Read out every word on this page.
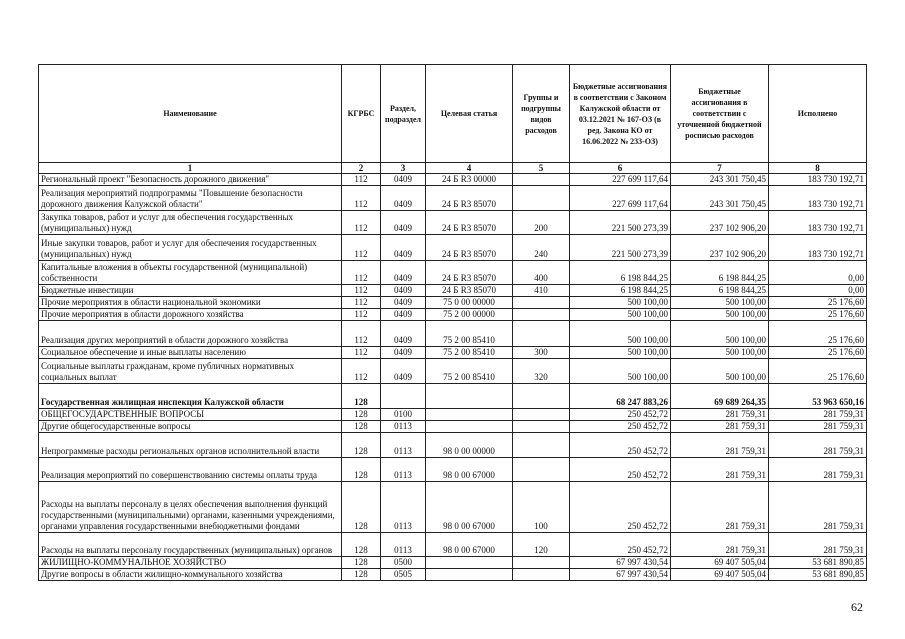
Наименование	КГРБС	Раздел, подраздел	Целевая статья	Группы и подгруппы видов расходов	Бюджетные ассигнования в соответствии с Законом Калужской области от 03.12.2021 № 167-ОЗ (в ред. Закона КО от 16.06.2022 № 233-ОЗ)	Бюджетные ассигнования в соответствии с уточненной бюджетной росписью расходов	Исполнено
1	2	3	4	5	6	7	8
Региональный проект "Безопасность дорожного движения"	112	0409	24 Б R3 00000		227 699 117,64	243 301 750,45	183 730 192,71
Реализация мероприятий подпрограммы "Повышение безопасности дорожного движения Калужской области"	112	0409	24 Б R3 85070		227 699 117,64	243 301 750,45	183 730 192,71
Закупка товаров, работ и услуг для обеспечения государственных (муниципальных) нужд	112	0409	24 Б R3 85070	200	221 500 273,39	237 102 906,20	183 730 192,71
Иные закупки товаров, работ и услуг для обеспечения государственных (муниципальных) нужд	112	0409	24 Б R3 85070	240	221 500 273,39	237 102 906,20	183 730 192,71
Капитальные вложения в объекты государственной (муниципальной) собственности	112	0409	24 Б R3 85070	400	6 198 844,25	6 198 844,25	0,00
Бюджетные инвестиции	112	0409	24 Б R3 85070	410	6 198 844,25	6 198 844,25	0,00
Прочие мероприятия в области национальной экономики	112	0409	75 0 00 00000		500 100,00	500 100,00	25 176,60
Прочие мероприятия в области дорожного хозяйства	112	0409	75 2 00 00000		500 100,00	500 100,00	25 176,60
Реализация других мероприятий в области дорожного хозяйства	112	0409	75 2 00 85410		500 100,00	500 100,00	25 176,60
Социальное обеспечение и иные выплаты населению	112	0409	75 2 00 85410	300	500 100,00	500 100,00	25 176,60
Социальные выплаты гражданам, кроме публичных нормативных социальных выплат	112	0409	75 2 00 85410	320	500 100,00	500 100,00	25 176,60
Государственная жилищная инспекция Калужской области	128				68 247 883,26	69 689 264,35	53 963 650,16
ОБЩЕГОСУДАРСТВЕННЫЕ ВОПРОСЫ	128	0100			250 452,72	281 759,31	281 759,31
Другие общегосударственные вопросы	128	0113			250 452,72	281 759,31	281 759,31
Непрограммные расходы региональных органов исполнительной власти	128	0113	98 0 00 00000		250 452,72	281 759,31	281 759,31
Реализация мероприятий по совершенствованию системы оплаты труда	128	0113	98 0 00 67000		250 452,72	281 759,31	281 759,31
Расходы на выплаты персоналу в целях обеспечения выполнения функций государственными (муниципальными) органами, казенными учреждениями, органами управления государственными внебюджетными фондами	128	0113	98 0 00 67000	100	250 452,72	281 759,31	281 759,31
Расходы на выплаты персоналу государственных (муниципальных) органов	128	0113	98 0 00 67000	120	250 452,72	281 759,31	281 759,31
ЖИЛИЩНО-КОММУНАЛЬНОЕ ХОЗЯЙСТВО	128	0500			67 997 430,54	69 407 505,04	53 681 890,85
Другие вопросы в области жилищно-коммунального хозяйства	128	0505			67 997 430,54	69 407 505,04	53 681 890,85
62
